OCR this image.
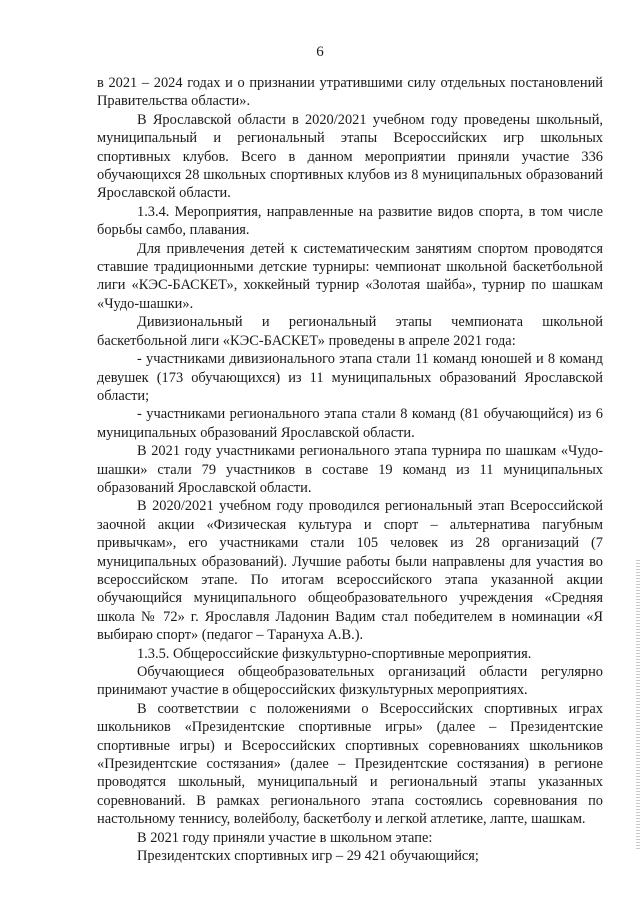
6

в 2021 – 2024 годах и о признании утратившими силу отдельных постановлений Правительства области».

В Ярославской области в 2020/2021 учебном году проведены школьный, муниципальный и региональный этапы Всероссийских игр школьных спортивных клубов. Всего в данном мероприятии приняли участие 336 обучающихся 28 школьных спортивных клубов из 8 муниципальных образований Ярославской области.

1.3.4. Мероприятия, направленные на развитие видов спорта, в том числе борьбы самбо, плавания.

Для привлечения детей к систематическим занятиям спортом проводятся ставшие традиционными детские турниры: чемпионат школьной баскетбольной лиги «КЭС-БАСКЕТ», хоккейный турнир «Золотая шайба», турнир по шашкам «Чудо-шашки».

Дивизиональный и региональный этапы чемпионата школьной баскетбольной лиги «КЭС-БАСКЕТ» проведены в апреле 2021 года:

- участниками дивизионального этапа стали 11 команд юношей и 8 команд девушек (173 обучающихся) из 11 муниципальных образований Ярославской области;

- участниками регионального этапа стали 8 команд (81 обучающийся) из 6 муниципальных образований Ярославской области.

В 2021 году участниками регионального этапа турнира по шашкам «Чудо-шашки» стали 79 участников в составе 19 команд из 11 муниципальных образований Ярославской области.

В 2020/2021 учебном году проводился региональный этап Всероссийской заочной акции «Физическая культура и спорт – альтернатива пагубным привычкам», его участниками стали 105 человек из 28 организаций (7 муниципальных образований). Лучшие работы были направлены для участия во всероссийском этапе. По итогам всероссийского этапа указанной акции обучающийся муниципального общеобразовательного учреждения «Средняя школа № 72» г. Ярославля Ладонин Вадим стал победителем в номинации «Я выбираю спорт» (педагог – Тарануха А.В.).

1.3.5. Общероссийские физкультурно-спортивные мероприятия.

Обучающиеся общеобразовательных организаций области регулярно принимают участие в общероссийских физкультурных мероприятиях.

В соответствии с положениями о Всероссийских спортивных играх школьников «Президентские спортивные игры» (далее – Президентские спортивные игры) и Всероссийских спортивных соревнованиях школьников «Президентские состязания» (далее – Президентские состязания) в регионе проводятся школьный, муниципальный и региональный этапы указанных соревнований. В рамках регионального этапа состоялись соревнования по настольному теннису, волейболу, баскетболу и легкой атлетике, лапте, шашкам.

В 2021 году приняли участие в школьном этапе:

Президентских спортивных игр – 29 421 обучающийся;
